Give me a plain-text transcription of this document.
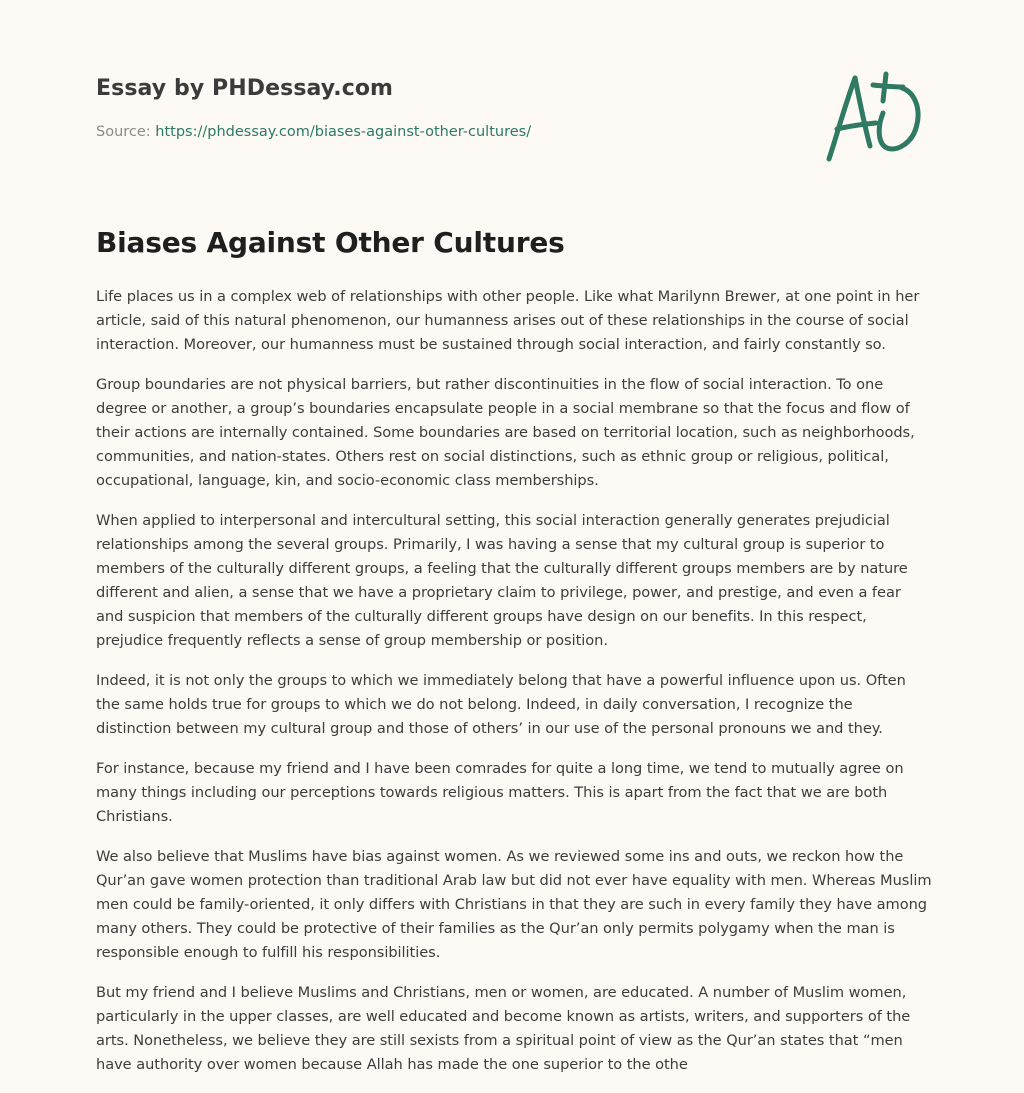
Essay by PHDessay.com
Source: https://phdessay.com/biases-against-other-cultures/
Biases Against Other Cultures

Life places us in a complex web of relationships with other people. Like what Marilynn Brewer, at one point in her article, said of this natural phenomenon, our humanness arises out of these relationships in the course of social interaction. Moreover, our humanness must be sustained through social interaction, and fairly constantly so.

Group boundaries are not physical barriers, but rather discontinuities in the flow of social interaction. To one degree or another, a group’s boundaries encapsulate people in a social membrane so that the focus and flow of their actions are internally contained. Some boundaries are based on territorial location, such as neighborhoods, communities, and nation-states. Others rest on social distinctions, such as ethnic group or religious, political, occupational, language, kin, and socio-economic class memberships.

When applied to interpersonal and intercultural setting, this social interaction generally generates prejudicial relationships among the several groups. Primarily, I was having a sense that my cultural group is superior to members of the culturally different groups, a feeling that the culturally different groups members are by nature different and alien, a sense that we have a proprietary claim to privilege, power, and prestige, and even a fear and suspicion that members of the culturally different groups have design on our benefits. In this respect, prejudice frequently reflects a sense of group membership or position.

Indeed, it is not only the groups to which we immediately belong that have a powerful influence upon us. Often the same holds true for groups to which we do not belong. Indeed, in daily conversation, I recognize the distinction between my cultural group and those of others’ in our use of the personal pronouns we and they.

For instance, because my friend and I have been comrades for quite a long time, we tend to mutually agree on many things including our perceptions towards religious matters. This is apart from the fact that we are both Christians.

We also believe that Muslims have bias against women. As we reviewed some ins and outs, we reckon how the Qur’an gave women protection than traditional Arab law but did not ever have equality with men. Whereas Muslim men could be family-oriented, it only differs with Christians in that they are such in every family they have among many others. They could be protective of their families as the Qur’an only permits polygamy when the man is responsible enough to fulfill his responsibilities.

But my friend and I believe Muslims and Christians, men or women, are educated. A number of Muslim women, particularly in the upper classes, are well educated and become known as artists, writers, and supporters of the arts. Nonetheless, we believe they are still sexists from a spiritual point of view as the Qur’an states that “men have authority over women because Allah has made the one superior to the othe
